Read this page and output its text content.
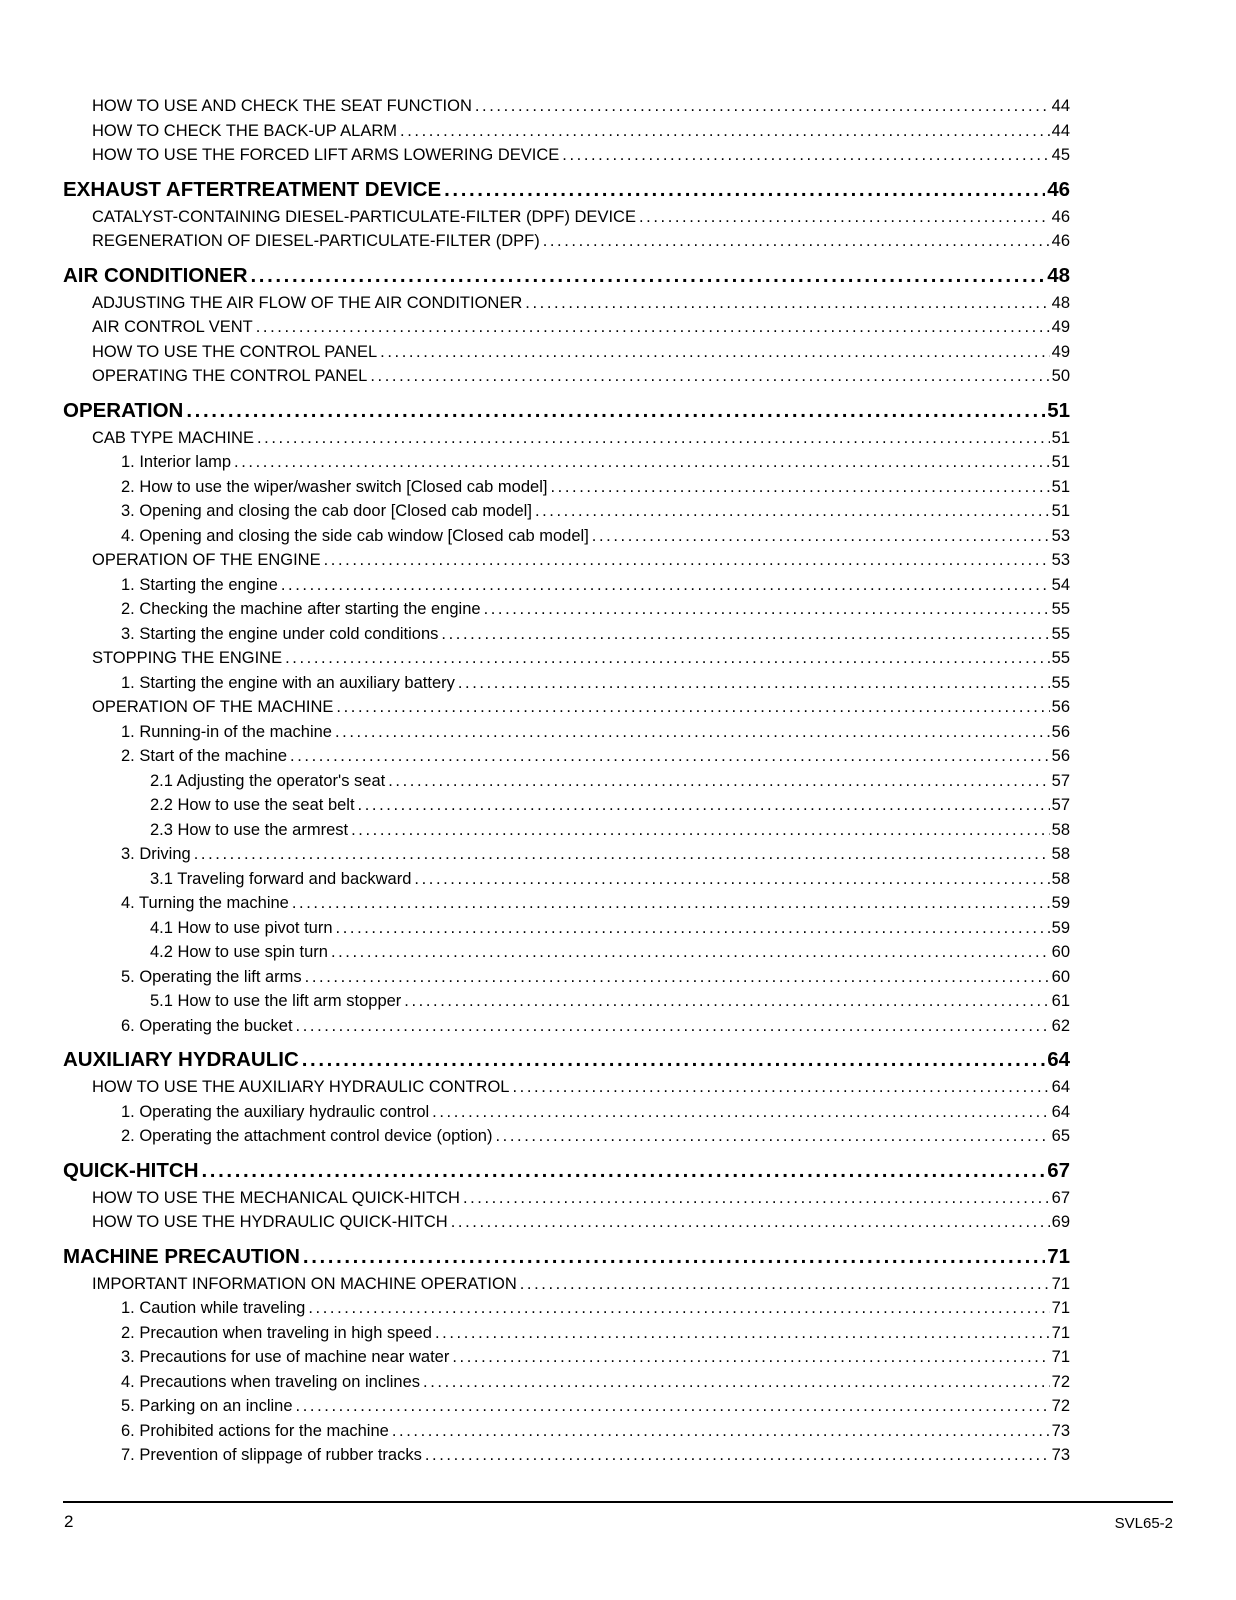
HOW TO USE AND CHECK THE SEAT FUNCTION .....	44
HOW TO CHECK THE BACK-UP ALARM .....	44
HOW TO USE THE FORCED LIFT ARMS LOWERING DEVICE .....	45
EXHAUST AFTERTREATMENT DEVICE .....	46
CATALYST-CONTAINING DIESEL-PARTICULATE-FILTER (DPF) DEVICE .....	46
REGENERATION OF DIESEL-PARTICULATE-FILTER (DPF) .....	46
AIR CONDITIONER .....	48
ADJUSTING THE AIR FLOW OF THE AIR CONDITIONER .....	48
AIR CONTROL VENT .....	49
HOW TO USE THE CONTROL PANEL .....	49
OPERATING THE CONTROL PANEL .....	50
OPERATION .....	51
CAB TYPE MACHINE .....	51
1. Interior lamp .....	51
2. How to use the wiper/washer switch [Closed cab model] .....	51
3. Opening and closing the cab door [Closed cab model] .....	51
4. Opening and closing the side cab window [Closed cab model] .....	53
OPERATION OF THE ENGINE .....	53
1. Starting the engine .....	54
2. Checking the machine after starting the engine .....	55
3. Starting the engine under cold conditions .....	55
STOPPING THE ENGINE .....	55
1. Starting the engine with an auxiliary battery .....	55
OPERATION OF THE MACHINE .....	56
1. Running-in of the machine .....	56
2. Start of the machine .....	56
2.1 Adjusting the operator's seat .....	57
2.2 How to use the seat belt .....	57
2.3 How to use the armrest .....	58
3. Driving .....	58
3.1 Traveling forward and backward .....	58
4. Turning the machine .....	59
4.1 How to use pivot turn .....	59
4.2 How to use spin turn .....	60
5. Operating the lift arms .....	60
5.1 How to use the lift arm stopper .....	61
6. Operating the bucket .....	62
AUXILIARY HYDRAULIC .....	64
HOW TO USE THE AUXILIARY HYDRAULIC CONTROL .....	64
1. Operating the auxiliary hydraulic control .....	64
2. Operating the attachment control device (option) .....	65
QUICK-HITCH .....	67
HOW TO USE THE MECHANICAL QUICK-HITCH .....	67
HOW TO USE THE HYDRAULIC QUICK-HITCH .....	69
MACHINE PRECAUTION .....	71
IMPORTANT INFORMATION ON MACHINE OPERATION .....	71
1. Caution while traveling .....	71
2. Precaution when traveling in high speed .....	71
3. Precautions for use of machine near water .....	71
4. Precautions when traveling on inclines .....	72
5. Parking on an incline .....	72
6. Prohibited actions for the machine .....	73
7. Prevention of slippage of rubber tracks .....	73
2	SVL65-2
